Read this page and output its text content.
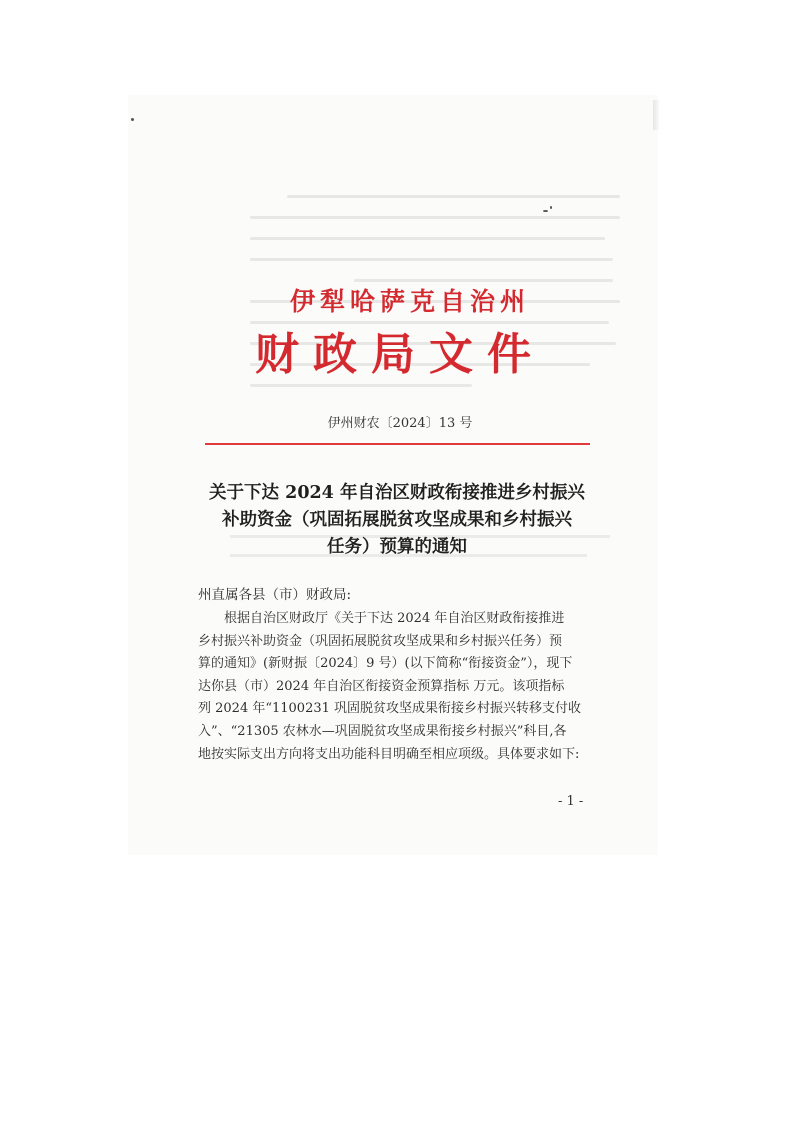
伊犁哈萨克自治州
财政局文件
伊州财农〔2024〕13 号
关于下达 2024 年自治区财政衔接推进乡村振兴
补助资金（巩固拓展脱贫攻坚成果和乡村振兴
任务）预算的通知
州直属各县（市）财政局:
　　根据自治区财政厅《关于下达 2024 年自治区财政衔接推进
乡村振兴补助资金（巩固拓展脱贫攻坚成果和乡村振兴任务）预
算的通知》(新财振〔2024〕9 号）(以下简称“衔接资金”），现下
达你县（市）2024 年自治区衔接资金预算指标 万元。该项指标
列 2024 年“1100231 巩固脱贫攻坚成果衔接乡村振兴转移支付收
入”、“21305 农林水—巩固脱贫攻坚成果衔接乡村振兴”科目,各
地按实际支出方向将支出功能科目明确至相应项级。具体要求如下:
- 1 -
